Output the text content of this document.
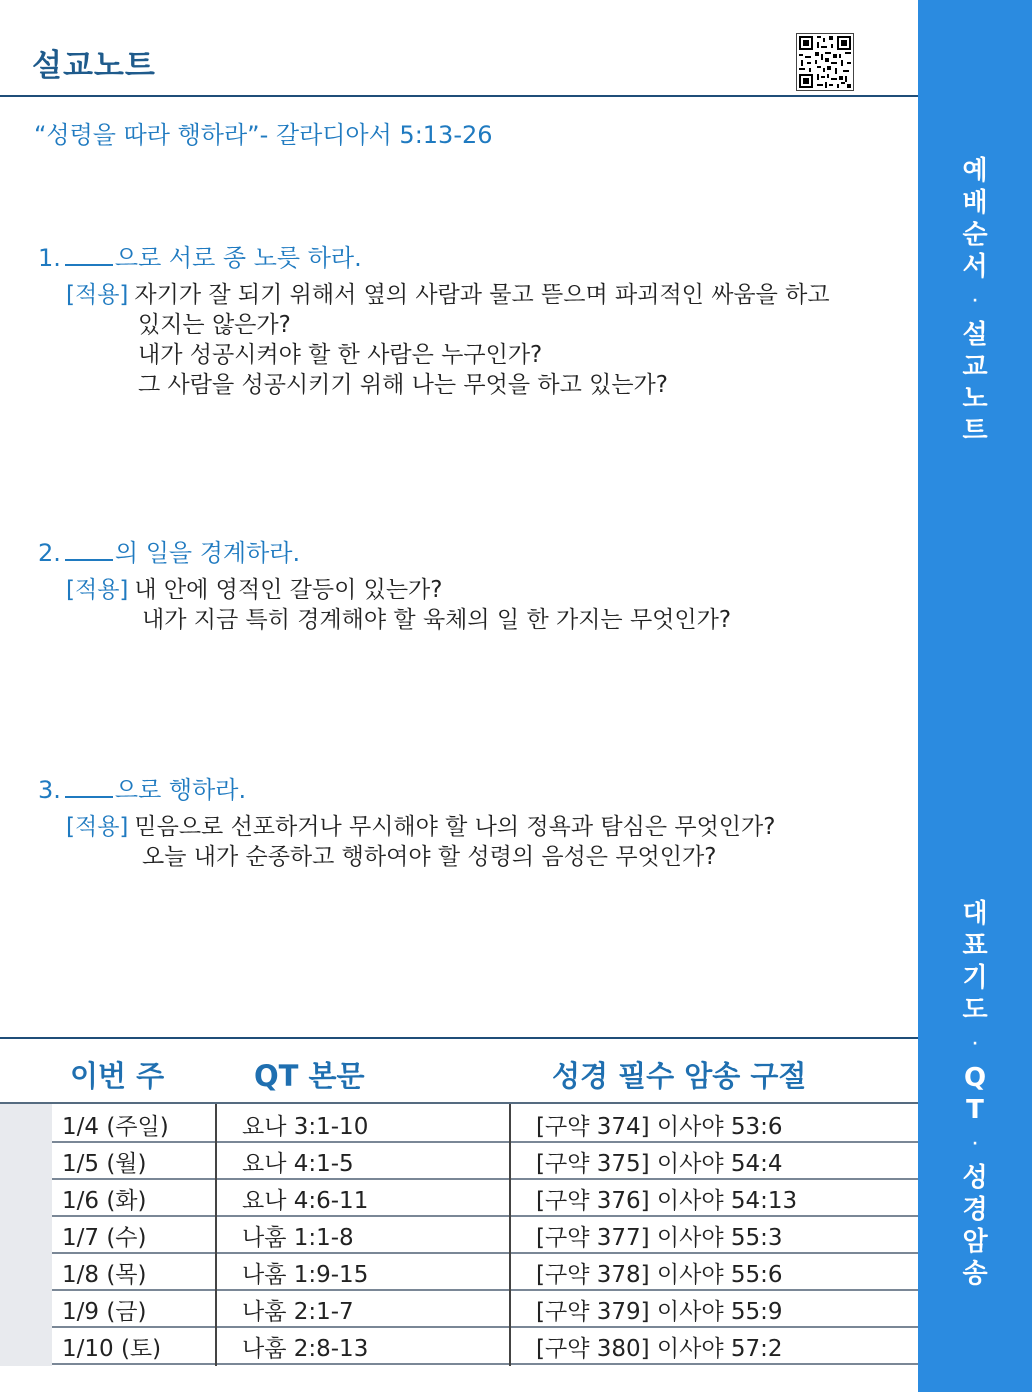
설교노트
“성령을 따라 행하라”- 갈라디아서 5:13-26
1. 으로 서로 종 노릇 하라.
[적용] 자기가 잘 되기 위해서 옆의 사람과 물고 뜯으며 파괴적인 싸움을 하고
있지는 않은가?
내가 성공시켜야 할 한 사람은 누구인가?
그 사람을 성공시키기 위해 나는 무엇을 하고 있는가?
2. 의 일을 경계하라.
[적용] 내 안에 영적인 갈등이 있는가?
내가 지금 특히 경계해야 할 육체의 일 한 가지는 무엇인가?
3. 으로 행하라.
[적용] 믿음으로 선포하거나 무시해야 할 나의 정욕과 탐심은 무엇인가?
오늘 내가 순종하고 행하여야 할 성령의 음성은 무엇인가?
이번 주	QT 본문	성경 필수 암송 구절
1/4 (주일)	요나 3:1-10	[구약 374] 이사야 53:6
1/5 (월)	요나 4:1-5	[구약 375] 이사야 54:4
1/6 (화)	요나 4:6-11	[구약 376] 이사야 54:13
1/7 (수)	나훔 1:1-8	[구약 377] 이사야 55:3
1/8 (목)	나훔 1:9-15	[구약 378] 이사야 55:6
1/9 (금)	나훔 2:1-7	[구약 379] 이사야 55:9
1/10 (토)	나훔 2:8-13	[구약 380] 이사야 57:2
예
배
순
서
·
설
교
노
트
대
표
기
도
·
Q
T
·
성
경
암
송
